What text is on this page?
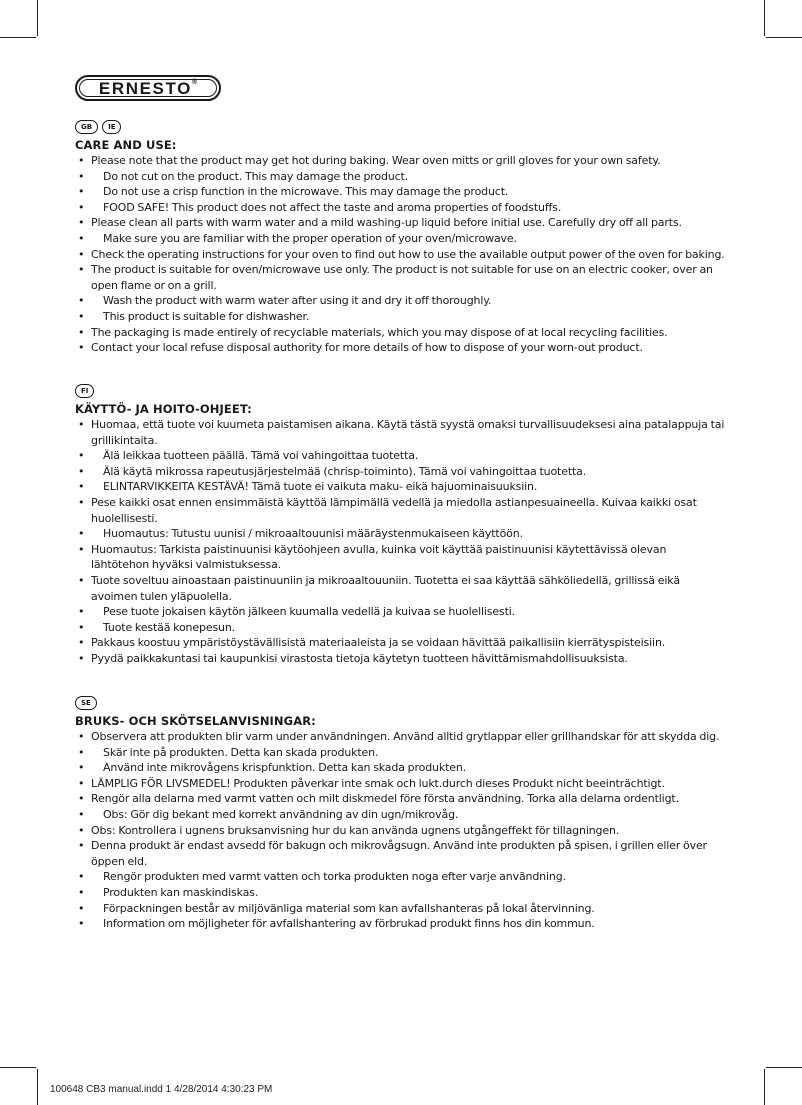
ERNESTO®
GB	IE
CARE AND USE:
• Please note that the product may get hot during baking. Wear oven mitts or grill gloves for your own safety.
• Do not cut on the product. This may damage the product.
• Do not use a crisp function in the microwave. This may damage the product.
• FOOD SAFE! This product does not affect the taste and aroma properties of foodstuffs.
• Please clean all parts with warm water and a mild washing-up liquid before initial use. Carefully dry off all parts.
• Make sure you are familiar with the proper operation of your oven/microwave.
• Check the operating instructions for your oven to find out how to use the available output power of the oven for baking.
• The product is suitable for oven/microwave use only. The product is not suitable for use on an electric cooker, over an open flame or on a grill.
• Wash the product with warm water after using it and dry it off thoroughly.
• This product is suitable for dishwasher.
• The packaging is made entirely of recyclable materials, which you may dispose of at local recycling facilities.
• Contact your local refuse disposal authority for more details of how to dispose of your worn-out product.
FI
KÄYTTÖ- JA HOITO-OHJEET:
• Huomaa, että tuote voi kuumeta paistamisen aikana. Käytä tästä syystä omaksi turvallisuudeksesi aina patalappuja tai grillikintaita.
• Älä leikkaa tuotteen päällä. Tämä voi vahingoittaa tuotetta.
• Älä käytä mikrossa rapeutusjärjestelmää (chrisp-toiminto). Tämä voi vahingoittaa tuotetta.
• ELINTARVIKKEITA KESTÄVÄ! Tämä tuote ei vaikuta maku- eikä hajuominaisuuksiin.
• Pese kaikki osat ennen ensimmäistä käyttöä lämpimällä vedellä ja miedolla astianpesuaineella. Kuivaa kaikki osat huolellisesti.
• Huomautus: Tutustu uunisi / mikroaaltouunisi määräystenmukaiseen käyttöön.
• Huomautus: Tarkista paistinuunisi käytöohjeen avulla, kuinka voit käyttää paistinuunisi käytettävissä olevan lähtötehon hyväksi valmistuksessa.
• Tuote soveltuu ainoastaan paistinuuniin ja mikroaaltouuniin. Tuotetta ei saa käyttää sähköliedellä, grillissä eikä avoimen tulen yläpuolella.
• Pese tuote jokaisen käytön jälkeen kuumalla vedellä ja kuivaa se huolellisesti.
• Tuote kestää konepesun.
• Pakkaus koostuu ympäristöystävällisistä materiaaleista ja se voidaan hävittää paikallisiin kierrätyspisteisiin.
• Pyydä paikkakuntasi tai kaupunkisi virastosta tietoja käytetyn tuotteen hävittämismahdollisuuksista.
SE
BRUKS- OCH SKÖTSELANVISNINGAR:
• Observera att produkten blir varm under användningen. Använd alltid grytlappar eller grillhandskar för att skydda dig.
• Skär inte på produkten. Detta kan skada produkten.
• Använd inte mikrovågens krispfunktion. Detta kan skada produkten.
• LÄMPLIG FÖR LIVSMEDEL! Produkten påverkar inte smak och lukt.durch dieses Produkt nicht beeinträchtigt.
• Rengör alla delarna med varmt vatten och milt diskmedel före första användning. Torka alla delarna ordentligt.
• Obs: Gör dig bekant med korrekt användning av din ugn/mikrovåg.
• Obs: Kontrollera i ugnens bruksanvisning hur du kan använda ugnens utgångeffekt för tillagningen.
• Denna produkt är endast avsedd för bakugn och mikrovågsugn. Använd inte produkten på spisen, i grillen eller över öppen eld.
• Rengör produkten med varmt vatten och torka produkten noga efter varje användning.
• Produkten kan maskindiskas.
• Förpackningen består av miljövänliga material som kan avfallshanteras på lokal återvinning.
• Information om möjligheter för avfallshantering av förbrukad produkt finns hos din kommun.
100648 CB3 manual.indd 1 4/28/2014 4:30:23 PM
